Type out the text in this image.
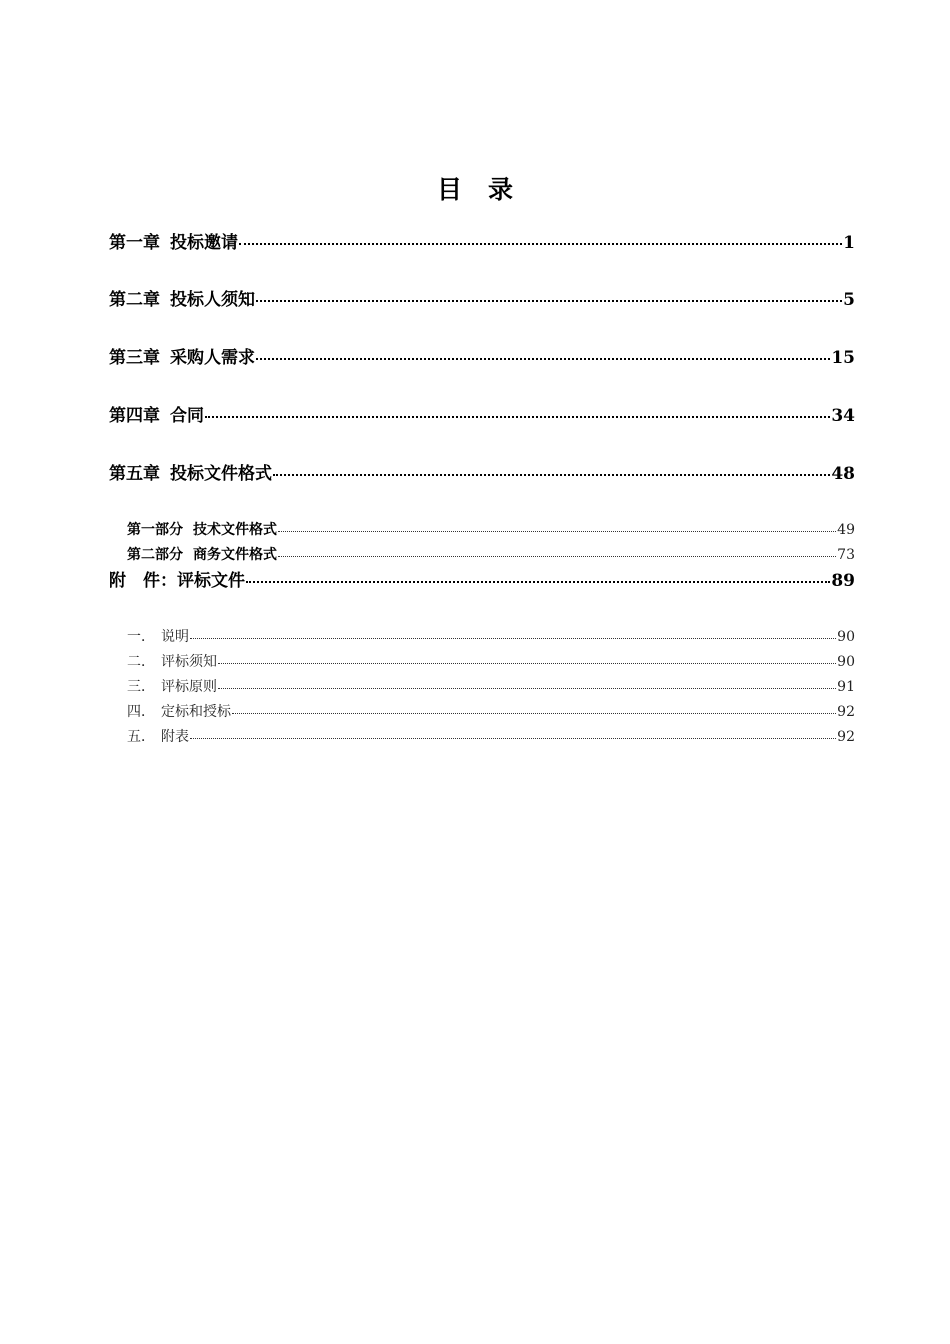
目 录
第一章 投标邀请	1
第二章 投标人须知	5
第三章 采购人需求	15
第四章 合同	34
第五章 投标文件格式	48
第一部分 技术文件格式	49
第二部分 商务文件格式	73
附　件：评标文件	89
一． 说明	90
二． 评标须知	90
三． 评标原则	91
四． 定标和授标	92
五． 附表	92
